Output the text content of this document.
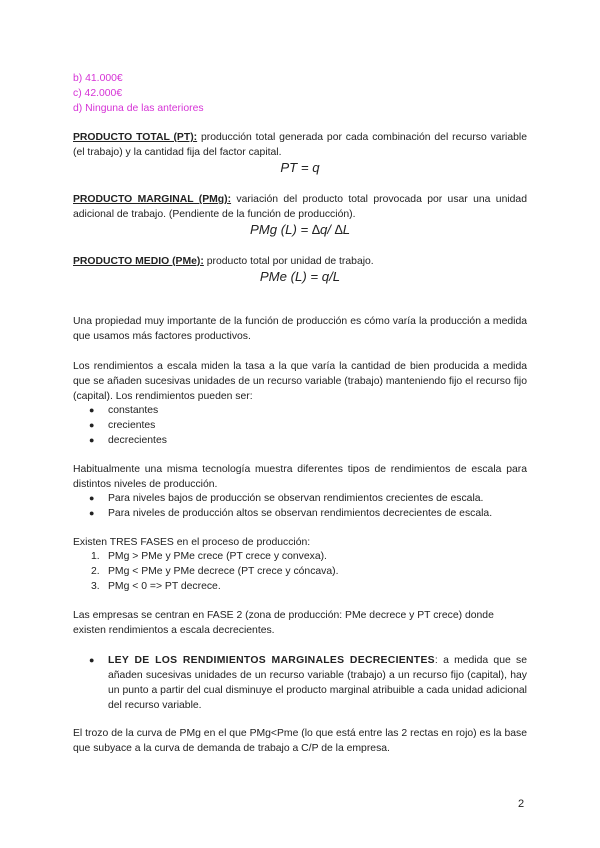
b) 41.000€
c) 42.000€
d) Ninguna de las anteriores
PRODUCTO TOTAL (PT): producción total generada por cada combinación del recurso variable (el trabajo) y la cantidad fija del factor capital.
PT = q
PRODUCTO MARGINAL (PMg): variación del producto total provocada por usar una unidad adicional de trabajo. (Pendiente de la función de producción).
PMg (L) = ∆q/ ∆L
PRODUCTO MEDIO (PMe): producto total por unidad de trabajo.
PMe (L) = q/L
Una propiedad muy importante de la función de producción es cómo varía la producción a medida que usamos más factores productivos.
Los rendimientos a escala miden la tasa a la que varía la cantidad de bien producida a medida que se añaden sucesivas unidades de un recurso variable (trabajo) manteniendo fijo el recurso fijo (capital). Los rendimientos pueden ser:
● constantes
● crecientes
● decrecientes
Habitualmente una misma tecnología muestra diferentes tipos de rendimientos de escala para distintos niveles de producción.
● Para niveles bajos de producción se observan rendimientos crecientes de escala.
● Para niveles de producción altos se observan rendimientos decrecientes de escala.
Existen TRES FASES en el proceso de producción:
1. PMg > PMe y PMe crece (PT crece y convexa).
2. PMg < PMe y PMe decrece (PT crece y cóncava).
3. PMg < 0 => PT decrece.
Las empresas se centran en FASE 2 (zona de producción: PMe decrece y PT crece) donde existen rendimientos a escala decrecientes.
● LEY DE LOS RENDIMIENTOS MARGINALES DECRECIENTES: a medida que se añaden sucesivas unidades de un recurso variable (trabajo) a un recurso fijo (capital), hay un punto a partir del cual disminuye el producto marginal atribuible a cada unidad adicional del recurso variable.
El trozo de la curva de PMg en el que PMg<Pme (lo que está entre las 2 rectas en rojo) es la base que subyace a la curva de demanda de trabajo a C/P de la empresa.
2
